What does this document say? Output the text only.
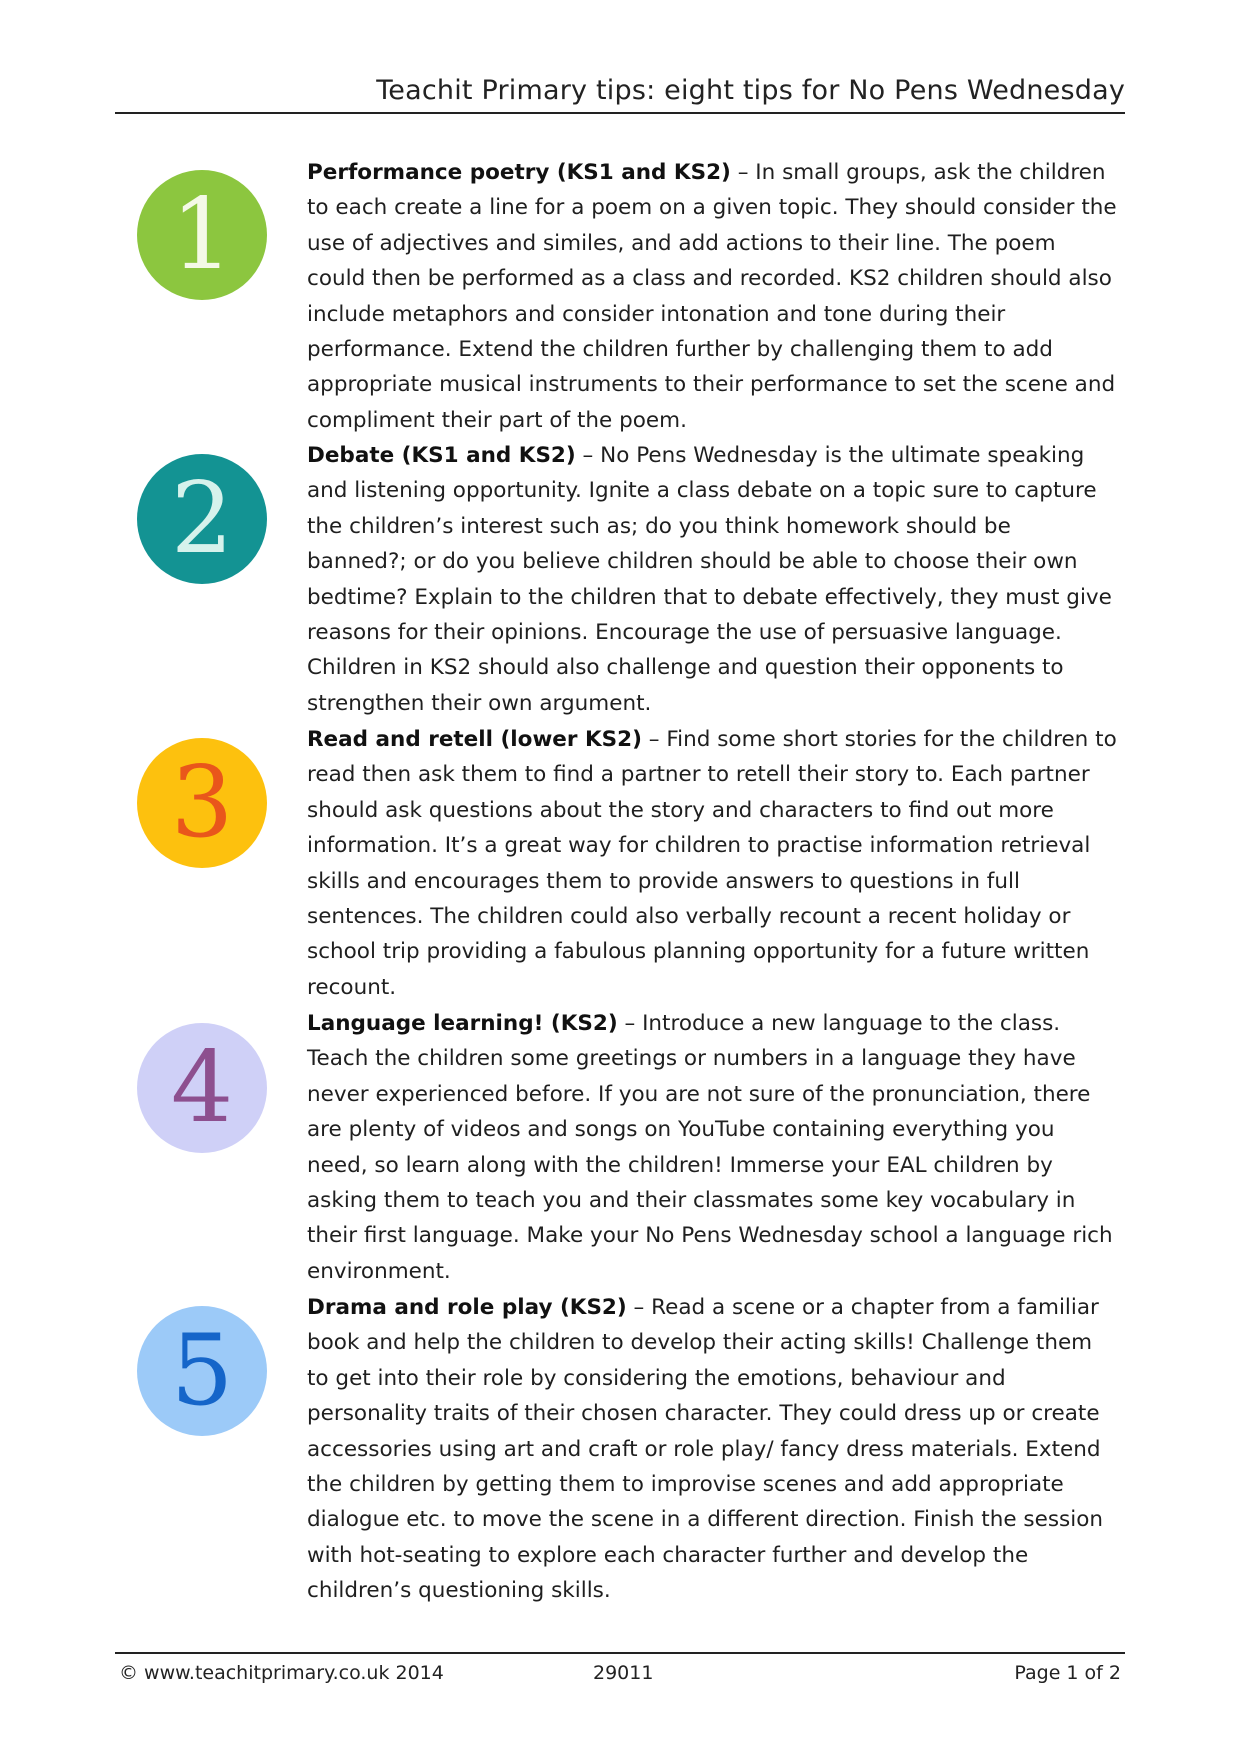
Teachit Primary tips: eight tips for No Pens Wednesday
1

Performance poetry (KS1 and KS2) – In small groups, ask the children to each create a line for a poem on a given topic. They should consider the use of adjectives and similes, and add actions to their line. The poem could then be performed as a class and recorded. KS2 children should also include metaphors and consider intonation and tone during their performance. Extend the children further by challenging them to add appropriate musical instruments to their performance to set the scene and compliment their part of the poem.

2

Debate (KS1 and KS2) – No Pens Wednesday is the ultimate speaking and listening opportunity. Ignite a class debate on a topic sure to capture the children’s interest such as; do you think homework should be banned?; or do you believe children should be able to choose their own bedtime? Explain to the children that to debate effectively, they must give reasons for their opinions. Encourage the use of persuasive language. Children in KS2 should also challenge and question their opponents to strengthen their own argument.

3

Read and retell (lower KS2) – Find some short stories for the children to read then ask them to find a partner to retell their story to. Each partner should ask questions about the story and characters to find out more information. It’s a great way for children to practise information retrieval skills and encourages them to provide answers to questions in full sentences. The children could also verbally recount a recent holiday or school trip providing a fabulous planning opportunity for a future written recount.

4

Language learning! (KS2) – Introduce a new language to the class. Teach the children some greetings or numbers in a language they have never experienced before. If you are not sure of the pronunciation, there are plenty of videos and songs on YouTube containing everything you need, so learn along with the children! Immerse your EAL children by asking them to teach you and their classmates some key vocabulary in their first language. Make your No Pens Wednesday school a language rich environment.

5

Drama and role play (KS2) – Read a scene or a chapter from a familiar book and help the children to develop their acting skills! Challenge them to get into their role by considering the emotions, behaviour and personality traits of their chosen character. They could dress up or create accessories using art and craft or role play/ fancy dress materials. Extend the children by getting them to improvise scenes and add appropriate dialogue etc. to move the scene in a different direction. Finish the session with hot-seating to explore each character further and develop the children’s questioning skills.

© www.teachitprimary.co.uk 2014	29011	Page 1 of 2
